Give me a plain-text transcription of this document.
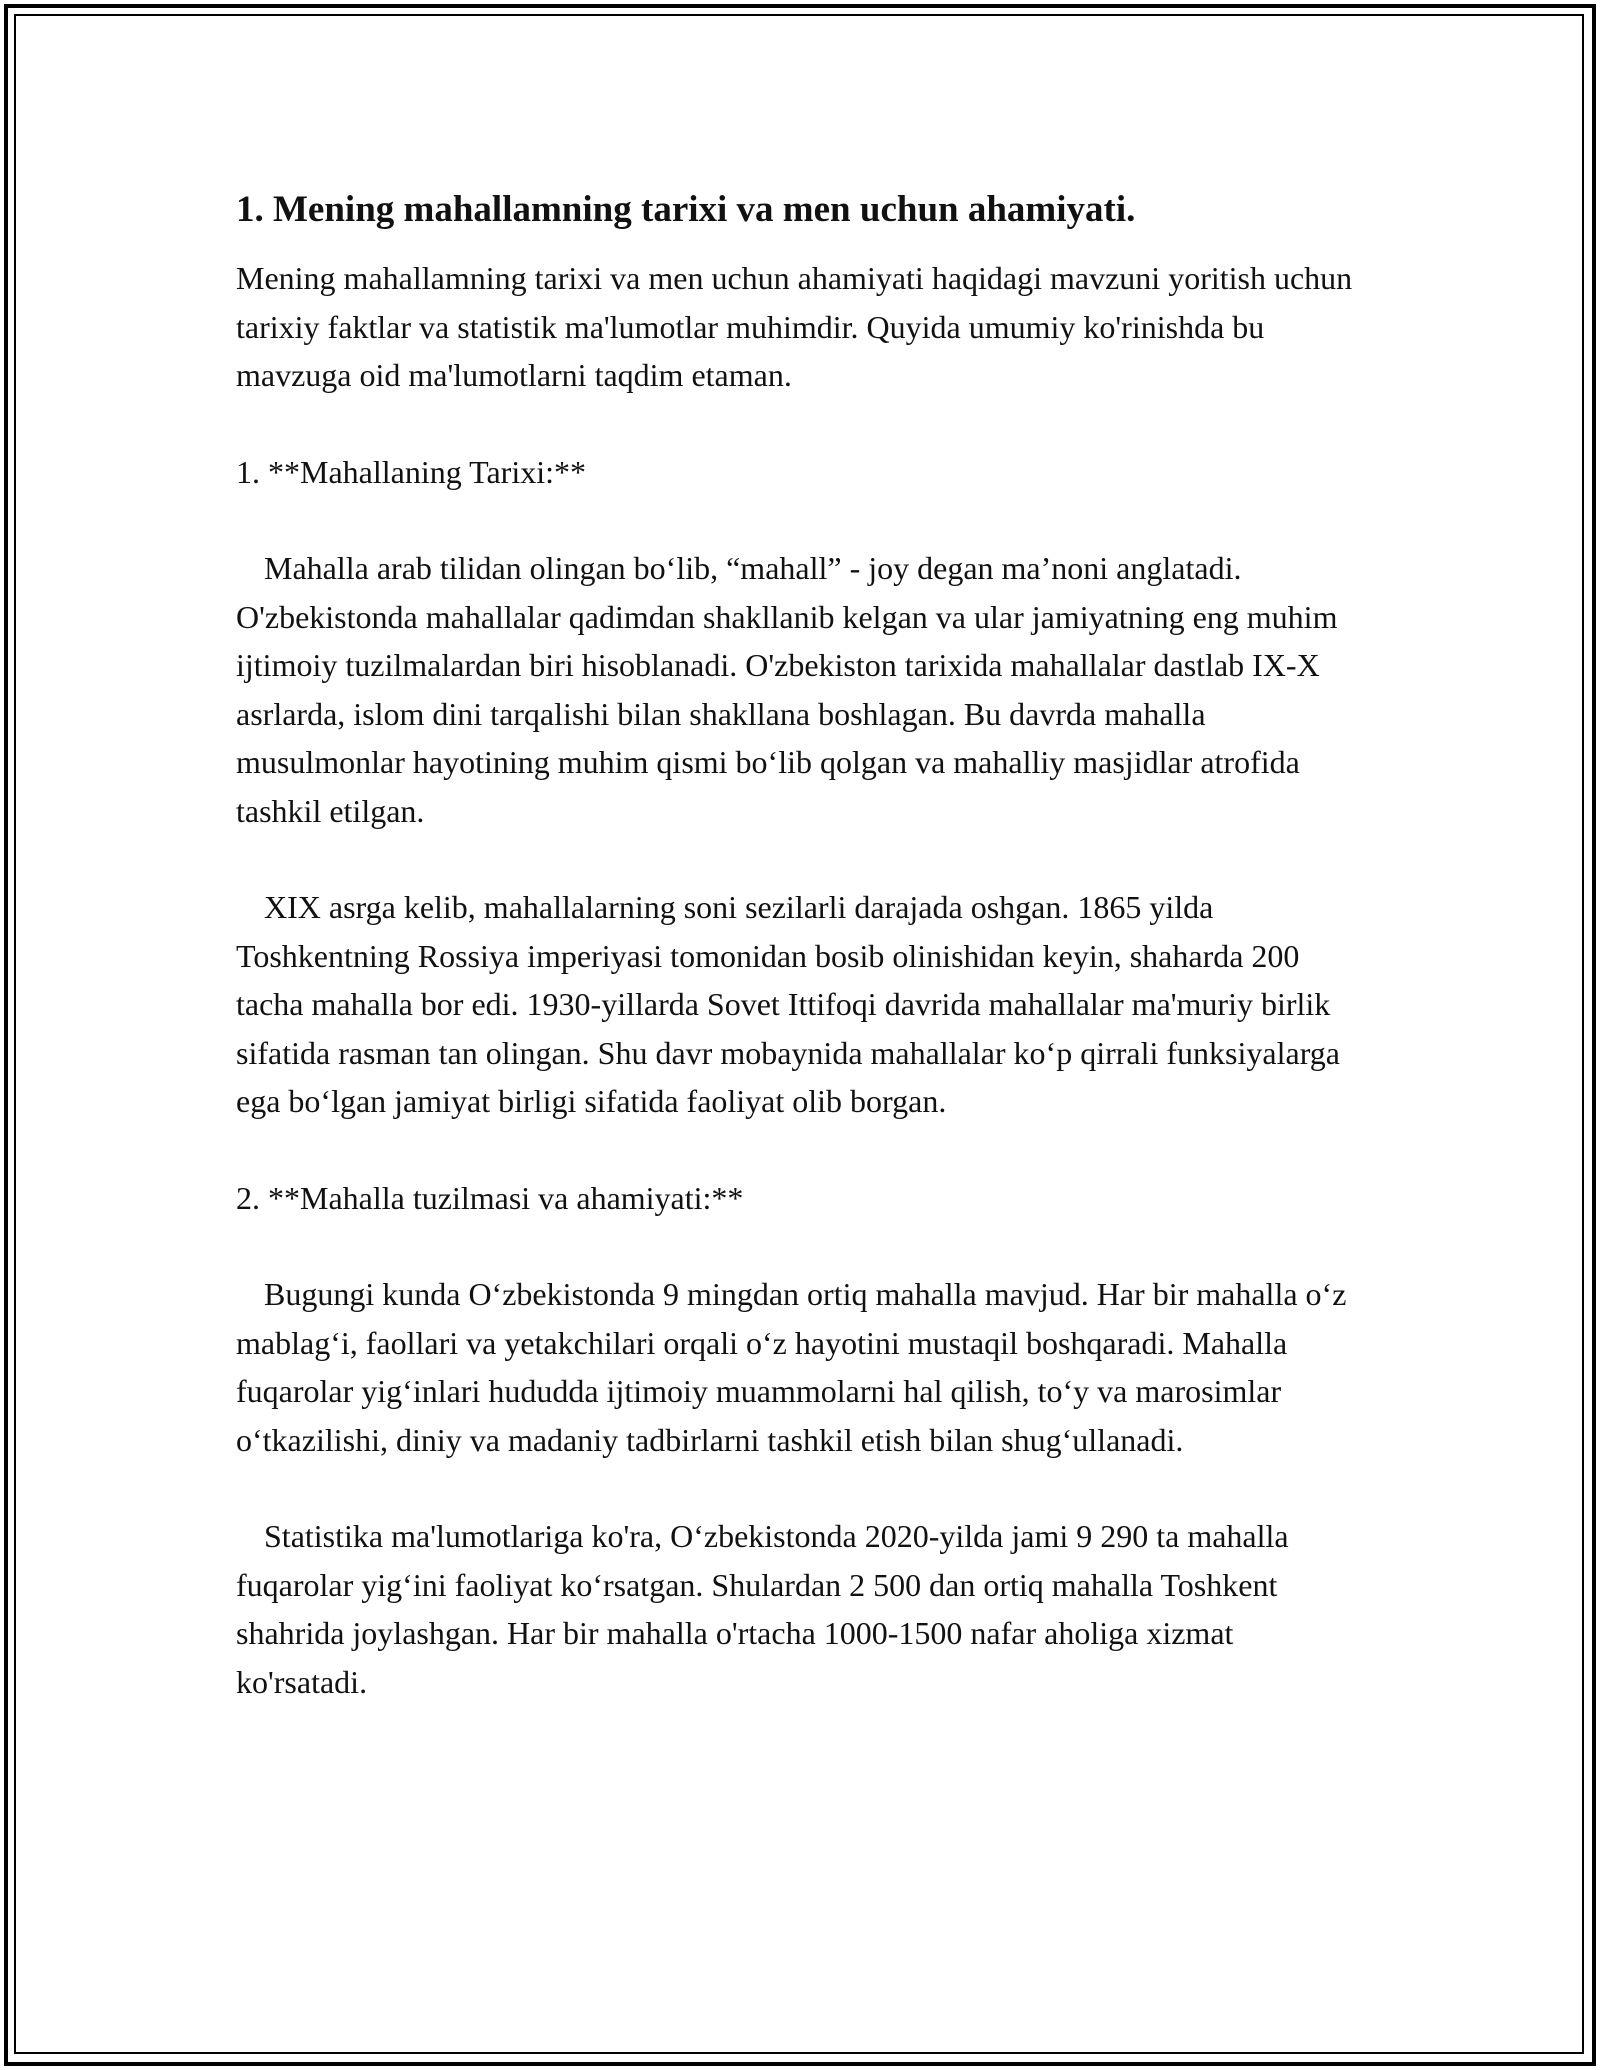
1. Mening mahallamning tarixi va men uchun ahamiyati.

Mening mahallamning tarixi va men uchun ahamiyati haqidagi mavzuni yoritish uchun tarixiy faktlar va statistik ma'lumotlar muhimdir. Quyida umumiy ko'rinishda bu mavzuga oid ma'lumotlarni taqdim etaman.

1. **Mahallaning Tarixi:**

Mahalla arab tilidan olingan boʻlib, “mahall” - joy degan maʼnoni anglatadi. O'zbekistonda mahallalar qadimdan shakllanib kelgan va ular jamiyatning eng muhim ijtimoiy tuzilmalardan biri hisoblanadi. O'zbekiston tarixida mahallalar dastlab IX-X asrlarda, islom dini tarqalishi bilan shakllana boshlagan. Bu davrda mahalla musulmonlar hayotining muhim qismi boʻlib qolgan va mahalliy masjidlar atrofida tashkil etilgan.

XIX asrga kelib, mahallalarning soni sezilarli darajada oshgan. 1865 yilda Toshkentning Rossiya imperiyasi tomonidan bosib olinishidan keyin, shaharda 200 tacha mahalla bor edi. 1930-yillarda Sovet Ittifoqi davrida mahallalar ma'muriy birlik sifatida rasman tan olingan. Shu davr mobaynida mahallalar koʻp qirrali funksiyalarga ega boʻlgan jamiyat birligi sifatida faoliyat olib borgan.

2. **Mahalla tuzilmasi va ahamiyati:**

Bugungi kunda Oʻzbekistonda 9 mingdan ortiq mahalla mavjud. Har bir mahalla oʻz mablagʻi, faollari va yetakchilari orqali oʻz hayotini mustaqil boshqaradi. Mahalla fuqarolar yigʻinlari hududda ijtimoiy muammolarni hal qilish, toʻy va marosimlar oʻtkazilishi, diniy va madaniy tadbirlarni tashkil etish bilan shugʻullanadi.

Statistika ma'lumotlariga ko'ra, Oʻzbekistonda 2020-yilda jami 9 290 ta mahalla fuqarolar yigʻini faoliyat koʻrsatgan. Shulardan 2 500 dan ortiq mahalla Toshkent shahrida joylashgan. Har bir mahalla o'rtacha 1000-1500 nafar aholiga xizmat ko'rsatadi.
